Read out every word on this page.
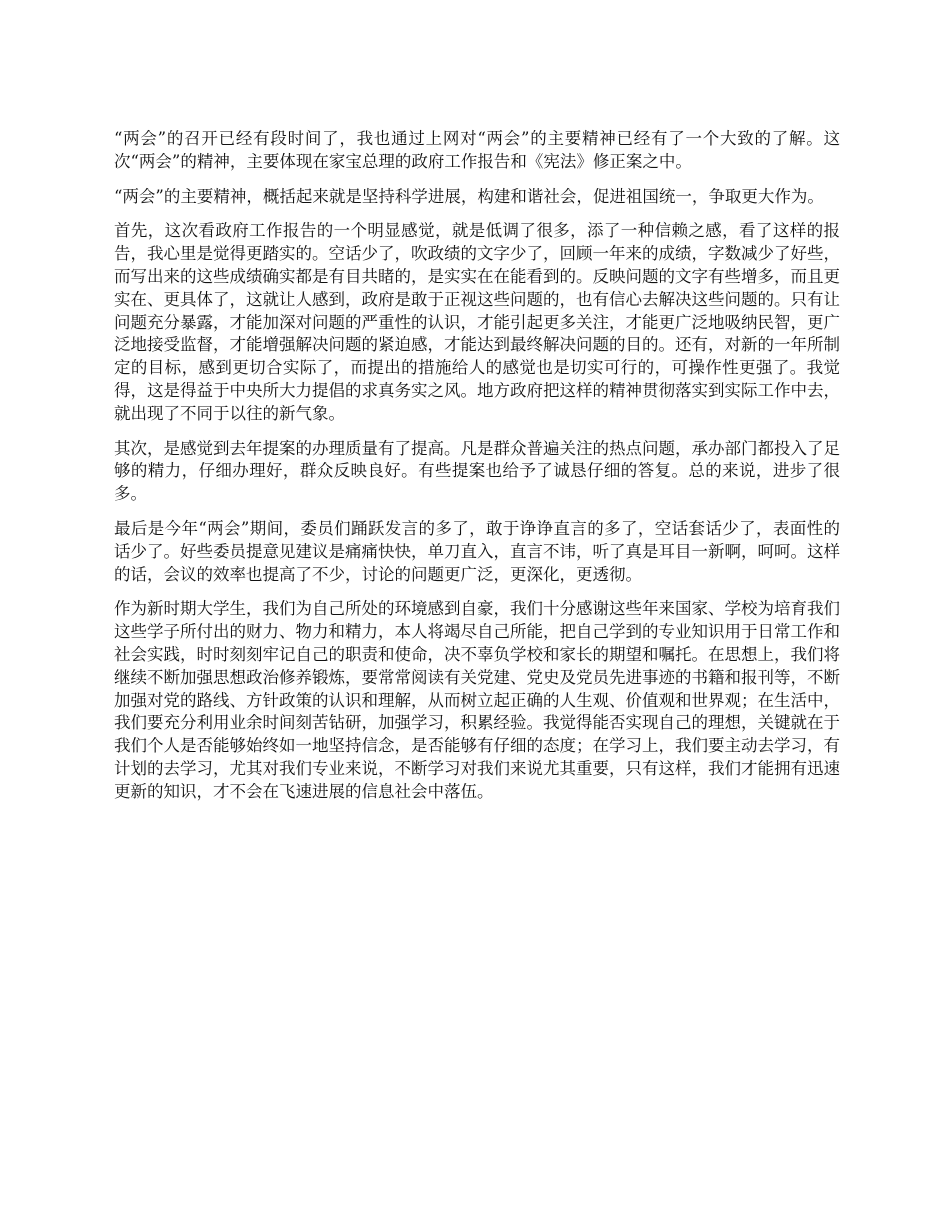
“两会”的召开已经有段时间了，我也通过上网对“两会”的主要精神已经有了一个大致的了解。这次“两会”的精神，主要体现在家宝总理的政府工作报告和《宪法》修正案之中。

“两会”的主要精神，概括起来就是坚持科学进展，构建和谐社会，促进祖国统一，争取更大作为。

首先，这次看政府工作报告的一个明显感觉，就是低调了很多，添了一种信赖之感，看了这样的报告，我心里是觉得更踏实的。空话少了，吹政绩的文字少了，回顾一年来的成绩，字数减少了好些，而写出来的这些成绩确实都是有目共睹的，是实实在在能看到的。反映问题的文字有些增多，而且更实在、更具体了，这就让人感到，政府是敢于正视这些问题的，也有信心去解决这些问题的。只有让问题充分暴露，才能加深对问题的严重性的认识，才能引起更多关注，才能更广泛地吸纳民智，更广泛地接受监督，才能增强解决问题的紧迫感，才能达到最终解决问题的目的。还有，对新的一年所制定的目标，感到更切合实际了，而提出的措施给人的感觉也是切实可行的，可操作性更强了。我觉得，这是得益于中央所大力提倡的求真务实之风。地方政府把这样的精神贯彻落实到实际工作中去，就出现了不同于以往的新气象。

其次，是感觉到去年提案的办理质量有了提高。凡是群众普遍关注的热点问题，承办部门都投入了足够的精力，仔细办理好，群众反映良好。有些提案也给予了诚恳仔细的答复。总的来说，进步了很多。

最后是今年“两会”期间，委员们踊跃发言的多了，敢于诤诤直言的多了，空话套话少了，表面性的话少了。好些委员提意见建议是痛痛快快，单刀直入，直言不讳，听了真是耳目一新啊，呵呵。这样的话，会议的效率也提高了不少，讨论的问题更广泛，更深化，更透彻。

作为新时期大学生，我们为自己所处的环境感到自豪，我们十分感谢这些年来国家、学校为培育我们这些学子所付出的财力、物力和精力，本人将竭尽自己所能，把自己学到的专业知识用于日常工作和社会实践，时时刻刻牢记自己的职责和使命，决不辜负学校和家长的期望和嘱托。在思想上，我们将继续不断加强思想政治修养锻炼，要常常阅读有关党建、党史及党员先进事迹的书籍和报刊等，不断加强对党的路线、方针政策的认识和理解，从而树立起正确的人生观、价值观和世界观；在生活中，我们要充分利用业余时间刻苦钻研，加强学习，积累经验。我觉得能否实现自己的理想，关键就在于我们个人是否能够始终如一地坚持信念，是否能够有仔细的态度；在学习上，我们要主动去学习，有计划的去学习，尤其对我们专业来说，不断学习对我们来说尤其重要，只有这样，我们才能拥有迅速更新的知识，才不会在飞速进展的信息社会中落伍。
